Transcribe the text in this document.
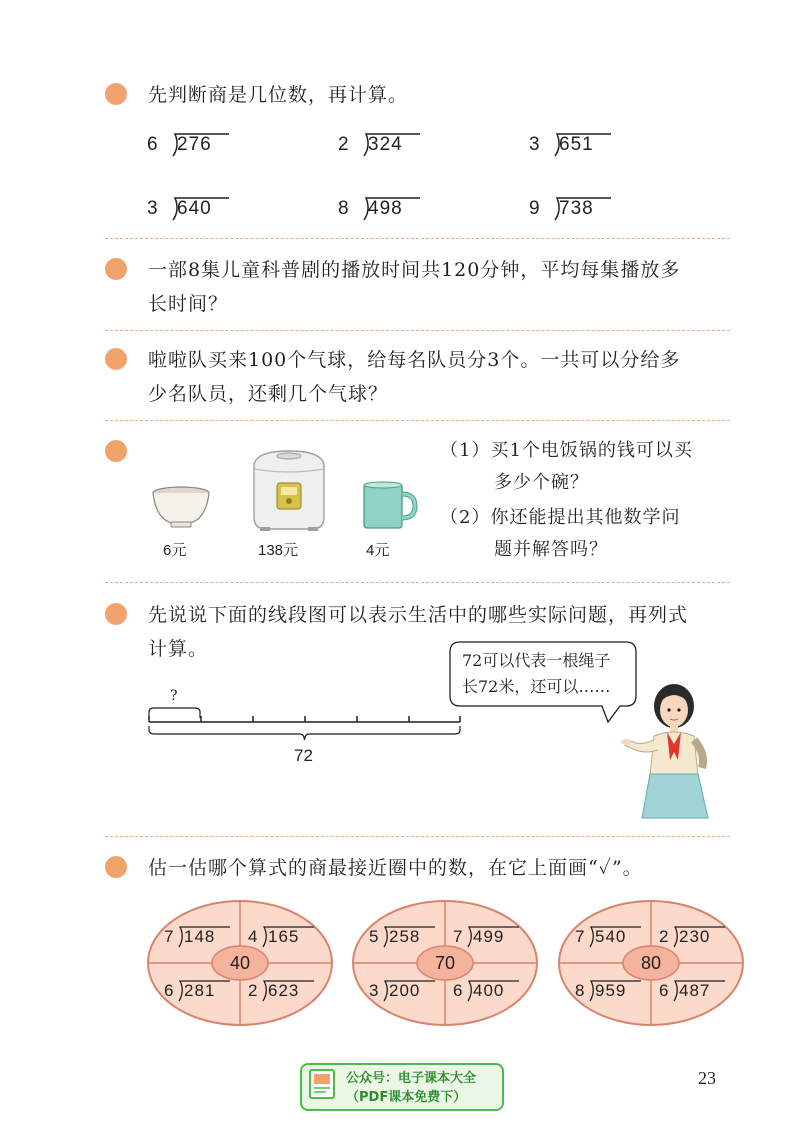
先判断商是几位数，再计算。
6 276	2 324	3 651
3 640	8 498	9 738
一部8集儿童科普剧的播放时间共120分钟，平均每集播放多
长时间？
啦啦队买来100个气球，给每名队员分3个。一共可以分给多
少名队员，还剩几个气球？
6元	138元	4元
（1）买1个电饭锅的钱可以买
多少个碗？
（2）你还能提出其他数学问
题并解答吗？
先说说下面的线段图可以表示生活中的哪些实际问题，再列式
计算。
?
72
72可以代表一根绳子
长72米，还可以……
估一估哪个算式的商最接近圈中的数，在它上面画“✓”。
40
7 148 4 165
6 281 2 623
70
5 258 7 499
3 200 6 400
80
7 540 2 230
8 959 6 487
公众号：电子课本大全
（PDF课本免费下）
23
